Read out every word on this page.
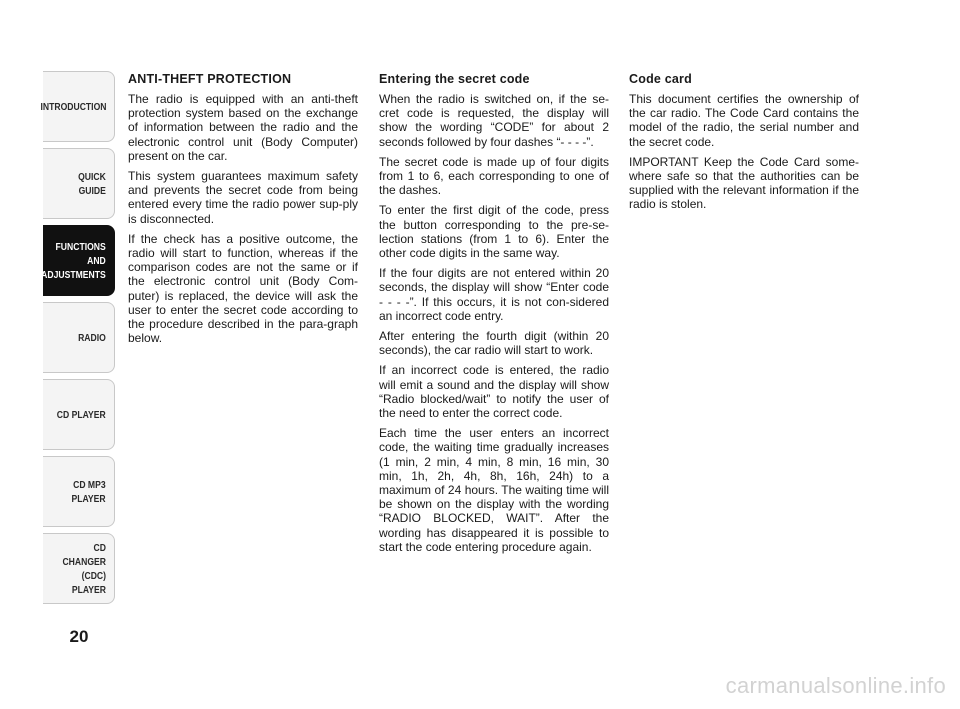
INTRODUCTION
QUICK
GUIDE
FUNCTIONS
AND
ADJUSTMENTS
RADIO
CD PLAYER
CD MP3
PLAYER
CD CHANGER
(CDC) PLAYER
20
ANTI-THEFT PROTECTION

The radio is equipped with an anti-theft protection system based on the exchange of information between the radio and the electronic control unit (Body Computer) present on the car.

This system guarantees maximum safety and prevents the secret code from being entered every time the radio power sup-ply is disconnected.

If the check has a positive outcome, the radio will start to function, whereas if the comparison codes are not the same or if the electronic control unit (Body Com-puter) is replaced, the device will ask the user to enter the secret code according to the procedure described in the para-graph below.

Entering the secret code

When the radio is switched on, if the se-cret code is requested, the display will show the wording “CODE” for about 2 seconds followed by four dashes “- - - -”.

The secret code is made up of four digits from 1 to 6, each corresponding to one of the dashes.

To enter the first digit of the code, press the button corresponding to the pre-se-lection stations (from 1 to 6). Enter the other code digits in the same way.

If the four digits are not entered within 20 seconds, the display will show “Enter code - - - -”. If this occurs, it is not con-sidered an incorrect code entry.

After entering the fourth digit (within 20 seconds), the car radio will start to work.

If an incorrect code is entered, the radio will emit a sound and the display will show “Radio blocked/wait” to notify the user of the need to enter the correct code.

Each time the user enters an incorrect code, the waiting time gradually increases (1 min, 2 min, 4 min, 8 min, 16 min, 30 min, 1h, 2h, 4h, 8h, 16h, 24h) to a maximum of 24 hours. The waiting time will be shown on the display with the wording “RADIO BLOCKED, WAIT”. After the wording has disappeared it is possible to start the code entering procedure again.

Code card

This document certifies the ownership of the car radio. The Code Card contains the model of the radio, the serial number and the secret code.

IMPORTANT Keep the Code Card some-where safe so that the authorities can be supplied with the relevant information if the radio is stolen.

carmanualsonline.info
